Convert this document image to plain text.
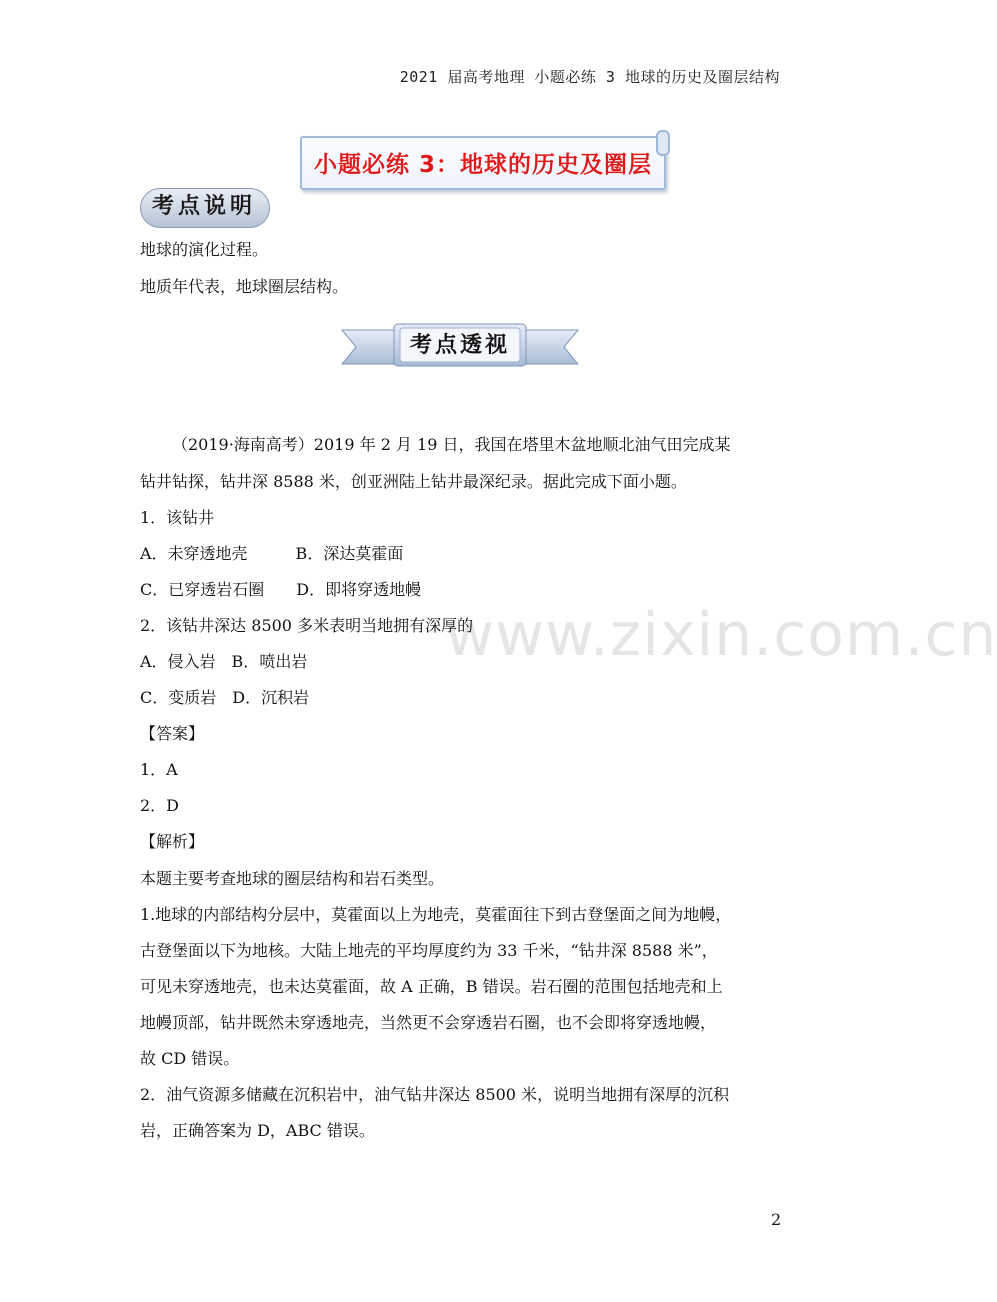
2021 届高考地理 小题必练 3 地球的历史及圈层结构
小题必练 3：地球的历史及圈层
考点说明
地球的演化过程。
地质年代表，地球圈层结构。
考点透视
（2019·海南高考）2019 年 2 月 19 日，我国在塔里木盆地顺北油气田完成某
钻井钻探，钻井深 8588 米，创亚洲陆上钻井最深纪录。据此完成下面小题。
1．该钻井
A．未穿透地壳　　　B．深达莫霍面
C．已穿透岩石圈　　D．即将穿透地幔
2．该钻井深达 8500 多米表明当地拥有深厚的
A．侵入岩　B．喷出岩
C．变质岩　D．沉积岩
【答案】
1．A
2．D
【解析】
本题主要考查地球的圈层结构和岩石类型。
1.地球的内部结构分层中，莫霍面以上为地壳，莫霍面往下到古登堡面之间为地幔，
古登堡面以下为地核。大陆上地壳的平均厚度约为 33 千米，“钻井深 8588 米”，
可见未穿透地壳，也未达莫霍面，故 A 正确，B 错误。岩石圈的范围包括地壳和上
地幔顶部，钻井既然未穿透地壳，当然更不会穿透岩石圈，也不会即将穿透地幔，
故 CD 错误。
2．油气资源多储藏在沉积岩中，油气钻井深达 8500 米，说明当地拥有深厚的沉积
岩，正确答案为 D，ABC 错误。
www.zixin.com.cn
2
